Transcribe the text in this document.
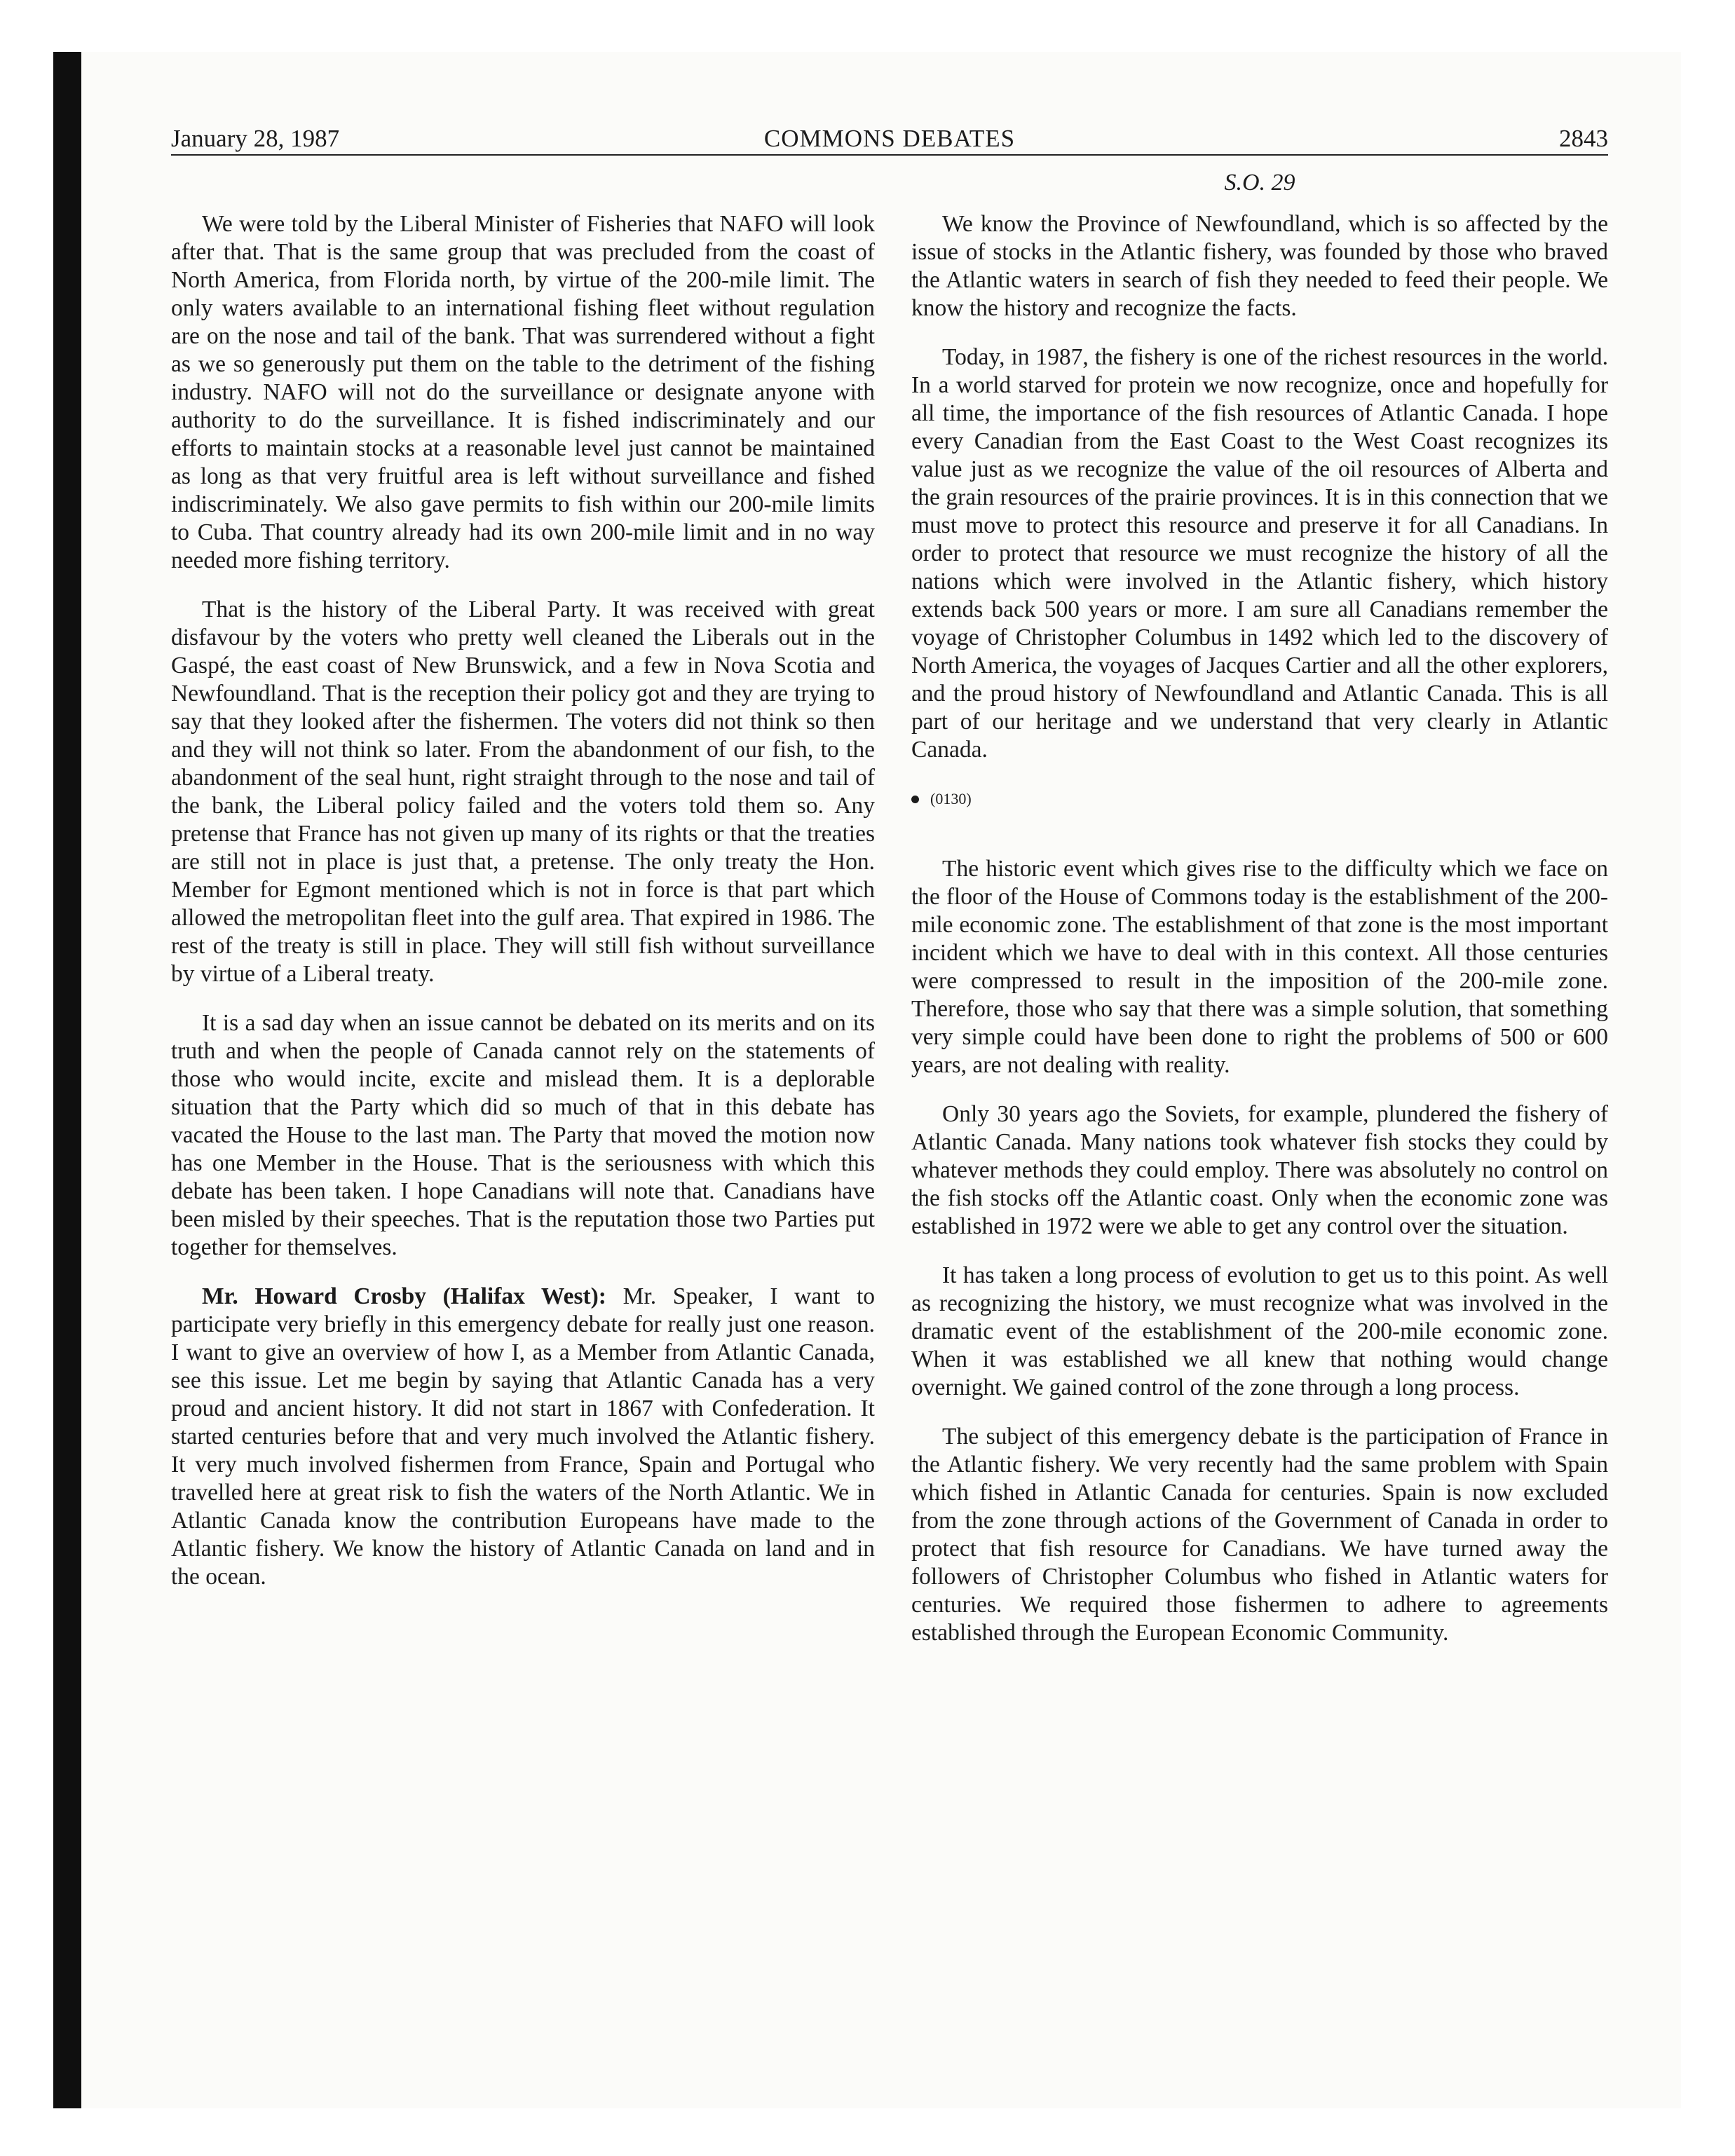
January 28, 1987	COMMONS DEBATES	2843
S.O. 29

We were told by the Liberal Minister of Fisheries that NAFO will look after that. That is the same group that was precluded from the coast of North America, from Florida north, by virtue of the 200-mile limit. The only waters available to an international fishing fleet without regulation are on the nose and tail of the bank. That was surrendered without a fight as we so generously put them on the table to the detriment of the fishing industry. NAFO will not do the surveillance or designate anyone with authority to do the surveillance. It is fished indiscriminately and our efforts to maintain stocks at a reasonable level just cannot be maintained as long as that very fruitful area is left without surveillance and fished indiscriminately. We also gave permits to fish within our 200-mile limits to Cuba. That country already had its own 200-mile limit and in no way needed more fishing territory.

That is the history of the Liberal Party. It was received with great disfavour by the voters who pretty well cleaned the Liberals out in the Gaspé, the east coast of New Brunswick, and a few in Nova Scotia and Newfoundland. That is the reception their policy got and they are trying to say that they looked after the fishermen. The voters did not think so then and they will not think so later. From the abandonment of our fish, to the abandonment of the seal hunt, right straight through to the nose and tail of the bank, the Liberal policy failed and the voters told them so. Any pretense that France has not given up many of its rights or that the treaties are still not in place is just that, a pretense. The only treaty the Hon. Member for Egmont mentioned which is not in force is that part which allowed the metropolitan fleet into the gulf area. That expired in 1986. The rest of the treaty is still in place. They will still fish without surveillance by virtue of a Liberal treaty.

It is a sad day when an issue cannot be debated on its merits and on its truth and when the people of Canada cannot rely on the statements of those who would incite, excite and mislead them. It is a deplorable situation that the Party which did so much of that in this debate has vacated the House to the last man. The Party that moved the motion now has one Member in the House. That is the seriousness with which this debate has been taken. I hope Canadians will note that. Canadians have been misled by their speeches. That is the reputation those two Parties put together for themselves.

Mr. Howard Crosby (Halifax West): Mr. Speaker, I want to participate very briefly in this emergency debate for really just one reason. I want to give an overview of how I, as a Member from Atlantic Canada, see this issue. Let me begin by saying that Atlantic Canada has a very proud and ancient history. It did not start in 1867 with Confederation. It started centuries before that and very much involved the Atlantic fishery. It very much involved fishermen from France, Spain and Portugal who travelled here at great risk to fish the waters of the North Atlantic. We in Atlantic Canada know the contribution Europeans have made to the Atlantic fishery. We know the history of Atlantic Canada on land and in the ocean.

We know the Province of Newfoundland, which is so affected by the issue of stocks in the Atlantic fishery, was founded by those who braved the Atlantic waters in search of fish they needed to feed their people. We know the history and recognize the facts.

Today, in 1987, the fishery is one of the richest resources in the world. In a world starved for protein we now recognize, once and hopefully for all time, the importance of the fish resources of Atlantic Canada. I hope every Canadian from the East Coast to the West Coast recognizes its value just as we recognize the value of the oil resources of Alberta and the grain resources of the prairie provinces. It is in this connection that we must move to protect this resource and preserve it for all Canadians. In order to protect that resource we must recognize the history of all the nations which were involved in the Atlantic fishery, which history extends back 500 years or more. I am sure all Canadians remember the voyage of Christopher Columbus in 1492 which led to the discovery of North America, the voyages of Jacques Cartier and all the other explorers, and the proud history of Newfoundland and Atlantic Canada. This is all part of our heritage and we understand that very clearly in Atlantic Canada.

(0130)

The historic event which gives rise to the difficulty which we face on the floor of the House of Commons today is the establishment of the 200-mile economic zone. The establishment of that zone is the most important incident which we have to deal with in this context. All those centuries were compressed to result in the imposition of the 200-mile zone. Therefore, those who say that there was a simple solution, that something very simple could have been done to right the problems of 500 or 600 years, are not dealing with reality.

Only 30 years ago the Soviets, for example, plundered the fishery of Atlantic Canada. Many nations took whatever fish stocks they could by whatever methods they could employ. There was absolutely no control on the fish stocks off the Atlantic coast. Only when the economic zone was established in 1972 were we able to get any control over the situation.

It has taken a long process of evolution to get us to this point. As well as recognizing the history, we must recognize what was involved in the dramatic event of the establishment of the 200-mile economic zone. When it was established we all knew that nothing would change overnight. We gained control of the zone through a long process.

The subject of this emergency debate is the participation of France in the Atlantic fishery. We very recently had the same problem with Spain which fished in Atlantic Canada for centuries. Spain is now excluded from the zone through actions of the Government of Canada in order to protect that fish resource for Canadians. We have turned away the followers of Christopher Columbus who fished in Atlantic waters for centuries. We required those fishermen to adhere to agreements established through the European Economic Community.
